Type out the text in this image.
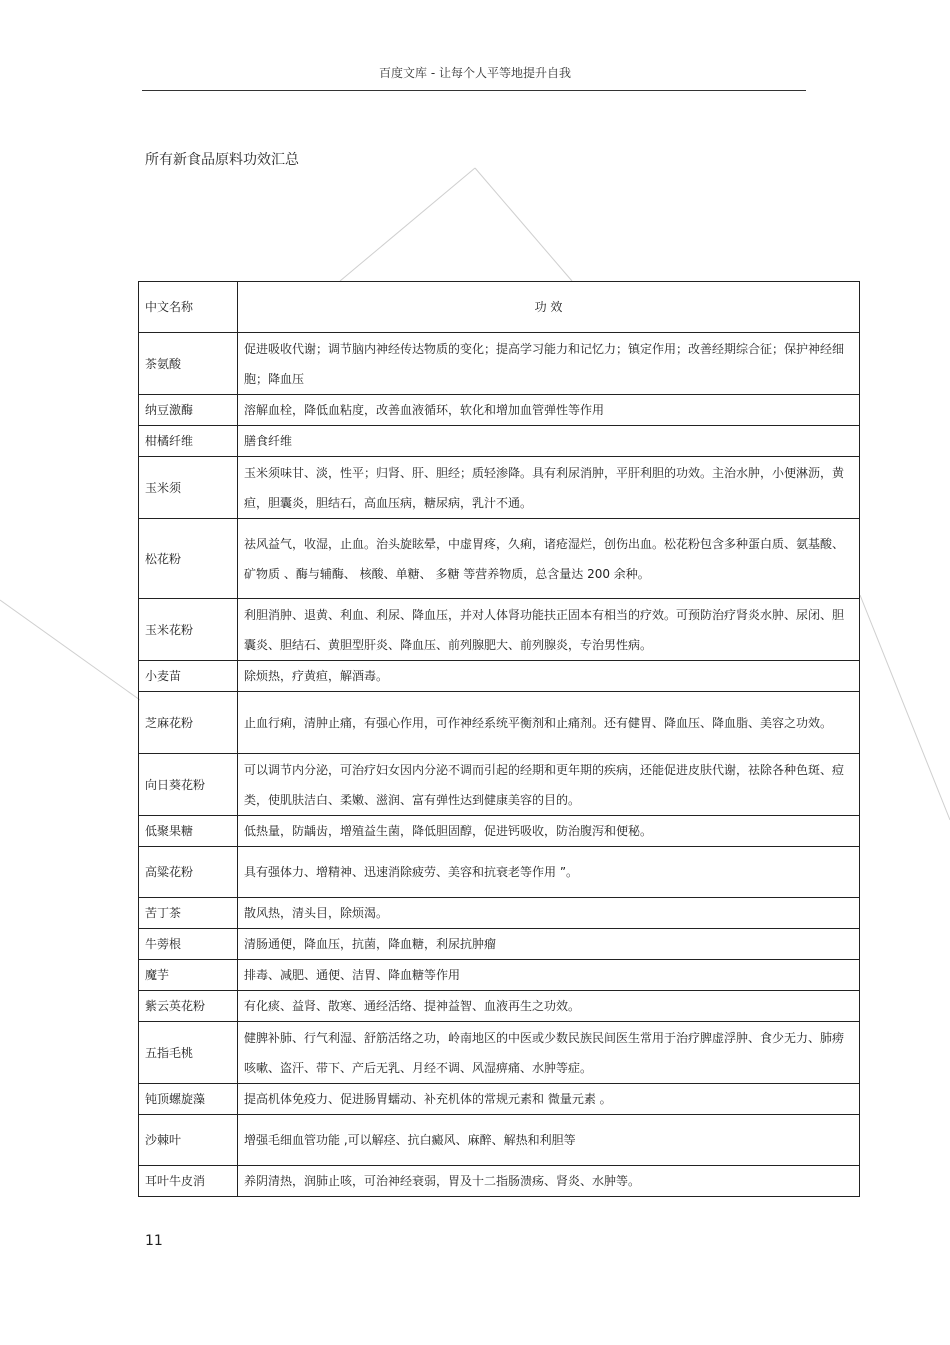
百度文库 - 让每个人平等地提升自我
所有新食品原料功效汇总
中文名称	功 效
茶氨酸	促进吸收代谢；调节脑内神经传达物质的变化；提高学习能力和记忆力；镇定作用；改善经期综合征；保护神经细胞；降血压
纳豆激酶	溶解血栓，降低血粘度，改善血液循环，软化和增加血管弹性等作用
柑橘纤维	膳食纤维
玉米须	玉米须味甘、淡，性平；归肾、肝、胆经；质轻渗降。具有利尿消肿，平肝利胆的功效。主治水肿，小便淋沥，黄疸，胆囊炎，胆结石，高血压病，糖尿病，乳汁不通。
松花粉	祛风益气，收湿，止血。治头旋眩晕，中虚胃疼，久痢，诸疮湿烂，创伤出血。松花粉包含多种蛋白质、氨基酸、 矿物质 、酶与辅酶、 核酸、单糖、 多糖 等营养物质，总含量达 200 余种。
玉米花粉	利胆消肿、退黄、利血、利尿、降血压，并对人体肾功能扶正固本有相当的疗效。可预防治疗肾炎水肿、尿闭、胆囊炎、胆结石、黄胆型肝炎、降血压、前列腺肥大、前列腺炎，专治男性病。
小麦苗	除烦热，疗黄疸，解酒毒。
芝麻花粉	止血行痢，清肿止痛，有强心作用，可作神经系统平衡剂和止痛剂。还有健胃、降血压、降血脂、美容之功效。
向日葵花粉	可以调节内分泌，可治疗妇女因内分泌不调而引起的经期和更年期的疾病，还能促进皮肤代谢，祛除各种色斑、痘类，使肌肤洁白、柔嫩、滋润、富有弹性达到健康美容的目的。
低聚果糖	低热量，防龋齿，增殖益生菌，降低胆固醇，促进钙吸收，防治腹泻和便秘。
高粱花粉	具有强体力、增精神、迅速消除疲劳、美容和抗衰老等作用 ”。
苦丁茶	散风热，清头目，除烦渴。
牛蒡根	清肠通便，降血压，抗菌，降血糖，利尿抗肿瘤
魔芋	排毒、减肥、通便、洁胃、降血糖等作用
紫云英花粉	有化痰、益肾、散寒、通经活络、提神益智、血液再生之功效。
五指毛桃	健脾补肺、行气利湿、舒筋活络之功，岭南地区的中医或少数民族民间医生常用于治疗脾虚浮肿、食少无力、肺痨咳嗽、盗汗、带下、产后无乳、月经不调、风湿痹痛、水肿等症。
钝顶螺旋藻	提高机体免疫力、促进肠胃蠕动、补充机体的常规元素和 微量元素 。
沙棘叶	增强毛细血管功能 ,可以解痉、抗白癜风、麻醉、解热和利胆等
耳叶牛皮消	养阴清热，润肺止咳，可治神经衰弱，胃及十二指肠溃疡、肾炎、水肿等。
11
